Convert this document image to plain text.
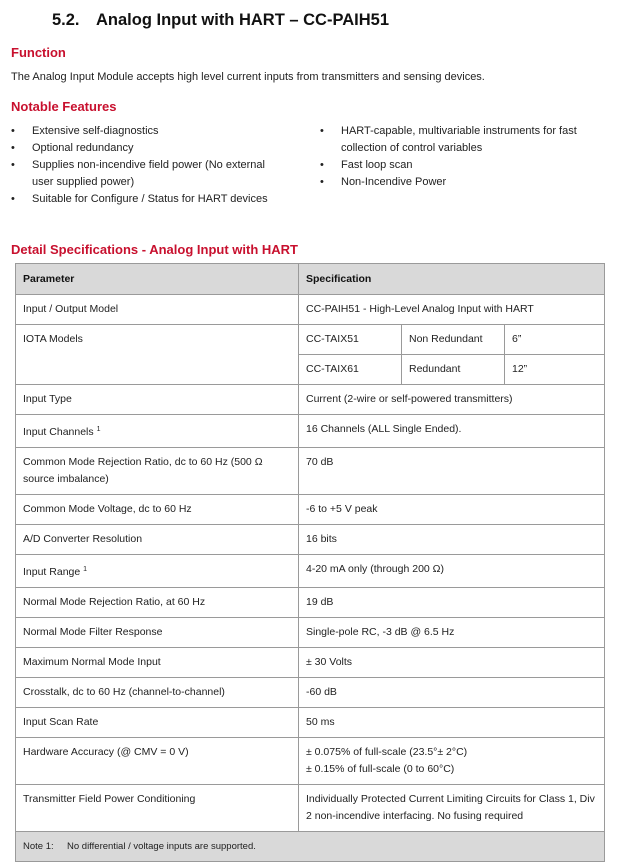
5.2. Analog Input with HART – CC-PAIH51
Function
The Analog Input Module accepts high level current inputs from transmitters and sensing devices.
Notable Features
• Extensive self-diagnostics
• Optional redundancy
• Supplies non-incendive field power (No external user supplied power)
• Suitable for Configure / Status for HART devices
• HART-capable, multivariable instruments for fast collection of control variables
• Fast loop scan
• Non-Incendive Power
Detail Specifications - Analog Input with HART
Parameter	Specification		
Input / Output Model	CC-PAIH51 - High-Level Analog Input with HART		
IOTA Models	CC-TAIX51	Non Redundant	6”
	CC-TAIX61	Redundant	12”
Input Type	Current (2-wire or self-powered transmitters)		
Input Channels $^1$	16 Channels (ALL Single Ended).		
Common Mode Rejection Ratio, dc to 60 Hz (500 Ω source imbalance)	70 dB		
Common Mode Voltage, dc to 60 Hz	-6 to +5 V peak		
A/D Converter Resolution	16 bits		
Input Range $^1$	4-20 mA only (through 200 Ω)		
Normal Mode Rejection Ratio, at 60 Hz	19 dB		
Normal Mode Filter Response	Single-pole RC, -3 dB @ 6.5 Hz		
Maximum Normal Mode Input	± 30 Volts		
Crosstalk, dc to 60 Hz (channel-to-channel)	-60 dB		
Input Scan Rate	50 ms		
Hardware Accuracy (@ CMV = 0 V)	± 0.075% of full-scale (23.5°± 2°C)
± 0.15% of full-scale (0 to 60°C)		

Transmitter Field Power Conditioning	Individually Protected Current Limiting Circuits for Class 1, Div 2 non-incendive interfacing. No fusing required		
Note 1: No differential / voltage inputs are supported.			
